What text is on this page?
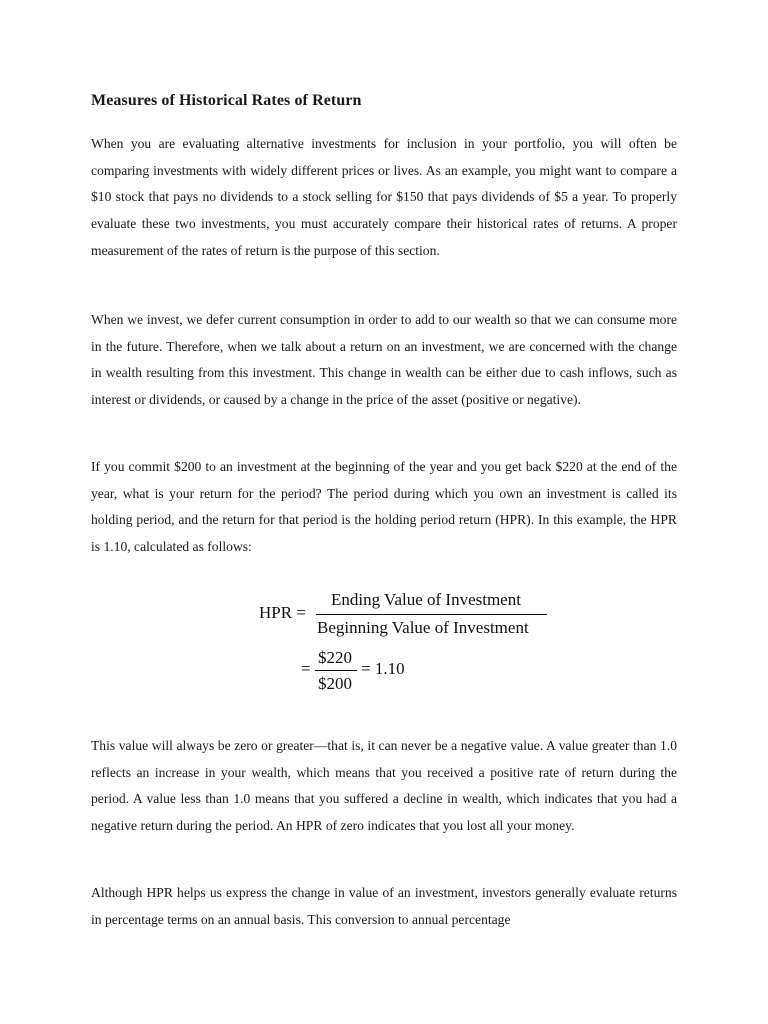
Measures of Historical Rates of Return

When you are evaluating alternative investments for inclusion in your portfolio, you will often be comparing investments with widely different prices or lives. As an example, you might want to compare a $10 stock that pays no dividends to a stock selling for $150 that pays dividends of $5 a year. To properly evaluate these two investments, you must accurately compare their historical rates of returns. A proper measurement of the rates of return is the purpose of this section.

When we invest, we defer current consumption in order to add to our wealth so that we can consume more in the future. Therefore, when we talk about a return on an investment, we are concerned with the change in wealth resulting from this investment. This change in wealth can be either due to cash inflows, such as interest or dividends, or caused by a change in the price of the asset (positive or negative).

If you commit $200 to an investment at the beginning of the year and you get back $220 at the end of the year, what is your return for the period? The period during which you own an investment is called its holding period, and the return for that period is the holding period return (HPR). In this example, the HPR is 1.10, calculated as follows:

HPR =
Ending Value of Investment
Beginning Value of Investment
=
$220
$200
= 1.10

This value will always be zero or greater—that is, it can never be a negative value. A value greater than 1.0 reflects an increase in your wealth, which means that you received a positive rate of return during the period. A value less than 1.0 means that you suffered a decline in wealth, which indicates that you had a negative return during the period. An HPR of zero indicates that you lost all your money.

Although HPR helps us express the change in value of an investment, investors generally evaluate returns in percentage terms on an annual basis. This conversion to annual percentage
